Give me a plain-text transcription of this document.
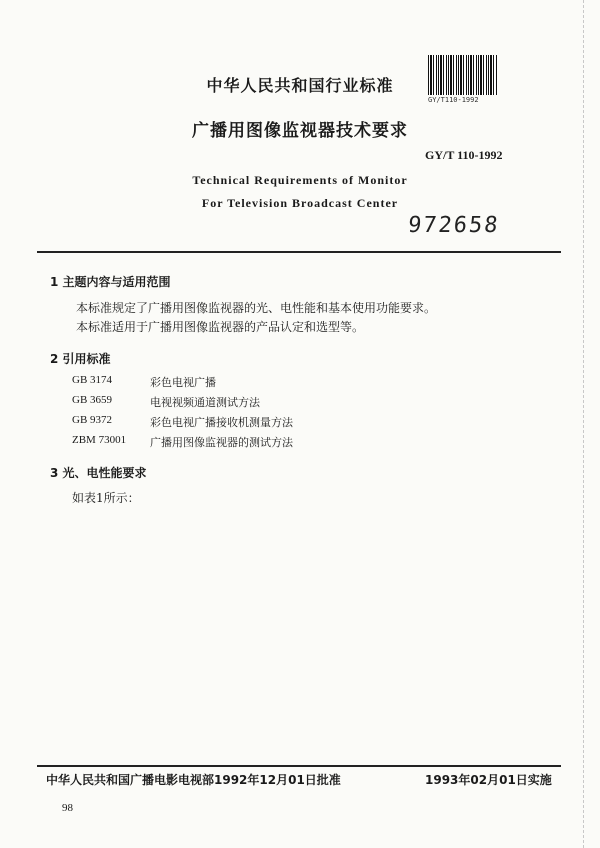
GY/T110-1992
中华人民共和国行业标准
广播用图像监视器技术要求
GY/T 110-1992
Technical Requirements of Monitor
For Television Broadcast Center
972658
1 主题内容与适用范围
本标准规定了广播用图像监视器的光、电性能和基本使用功能要求。
本标准适用于广播用图像监视器的产品认定和选型等。
2 引用标准
GB 3174	彩色电视广播
GB 3659	电视视频通道测试方法
GB 9372	彩色电视广播接收机测量方法
ZBM 73001	广播用图像监视器的测试方法
3 光、电性能要求
如表1所示：
中华人民共和国广播电影电视部1992年12月01日批准	1993年02月01日实施
98
